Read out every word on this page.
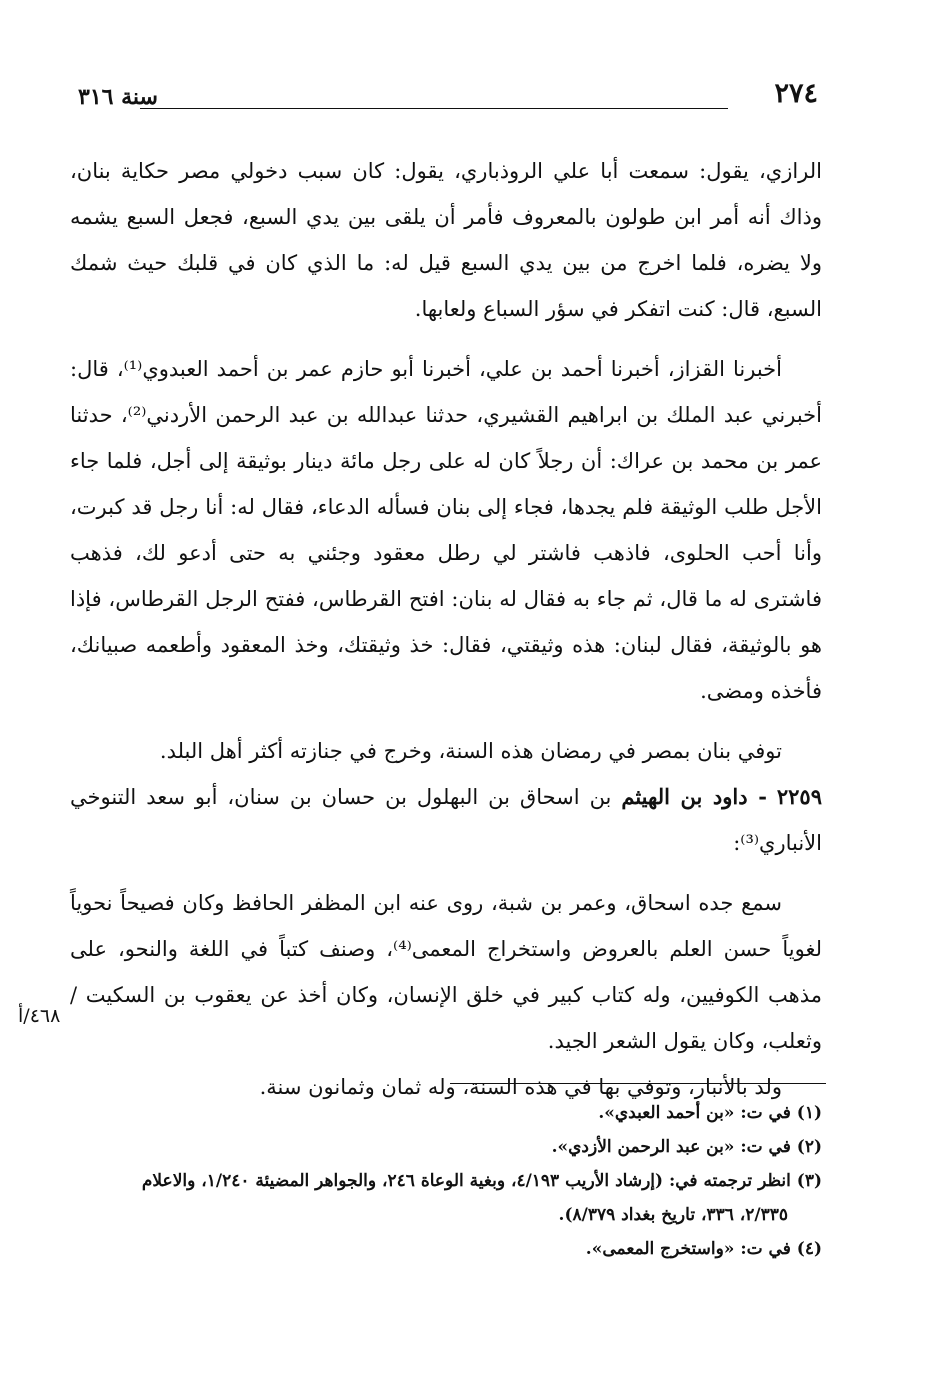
سنة ٣١٦	٢٧٤

الرازي، يقول: سمعت أبا علي الروذباري، يقول: كان سبب دخولي مصر حكاية بنان، وذاك أنه أمر ابن طولون بالمعروف فأمر أن يلقى بين يدي السبع، فجعل السبع يشمه ولا يضره، فلما اخرج من بين يدي السبع قيل له: ما الذي كان في قلبك حيث شمك السبع، قال: كنت اتفكر في سؤر السباع ولعابها.

أخبرنا القزاز، أخبرنا أحمد بن علي، أخبرنا أبو حازم عمر بن أحمد العبدوي⁽¹⁾، قال: أخبرني عبد الملك بن ابراهيم القشيري، حدثنا عبدالله بن عبد الرحمن الأردني⁽²⁾، حدثنا عمر بن محمد بن عراك: أن رجلاً كان له على رجل مائة دينار بوثيقة إلى أجل، فلما جاء الأجل طلب الوثيقة فلم يجدها، فجاء إلى بنان فسأله الدعاء، فقال له: أنا رجل قد كبرت، وأنا أحب الحلوى، فاذهب فاشتر لي رطل معقود وجئني به حتى أدعو لك، فذهب فاشترى له ما قال، ثم جاء به فقال له بنان: افتح القرطاس، ففتح الرجل القرطاس، فإذا هو بالوثيقة، فقال لبنان: هذه وثيقتي، فقال: خذ وثيقتك، وخذ المعقود وأطعمه صبيانك، فأخذه ومضى.

توفي بنان بمصر في رمضان هذه السنة، وخرج في جنازته أكثر أهل البلد.

٢٢٥٩ - داود بن الهيثم بن اسحاق بن البهلول بن حسان بن سنان، أبو سعد التنوخي الأنباري⁽³⁾:

سمع جده اسحاق، وعمر بن شبة، روى عنه ابن المظفر الحافظ وكان فصيحاً نحوياً لغوياً حسن العلم بالعروض واستخراج المعمى⁽⁴⁾، وصنف كتباً في اللغة والنحو، على مذهب الكوفيين، وله كتاب كبير في خلق الإنسان، وكان أخذ عن يعقوب بن السكيت / وثعلب، وكان يقول الشعر الجيد.

ولد بالأنبار، وتوفي بها في هذه السنة، وله ثمان وثمانون سنة.

٤٦٨/أ

(١) في ت: «بن أحمد العبدي».

(٢) في ت: «بن عبد الرحمن الأزدي».

(٣) انظر ترجمته في: (إرشاد الأريب ٤/١٩٣، وبغية الوعاة ٢٤٦، والجواهر المضيئة ١/٢٤٠، والاعلام

٢/٣٣٥، ٣٣٦، تاريخ بغداد ٨/٣٧٩).

(٤) في ت: «واستخرج المعمى».
